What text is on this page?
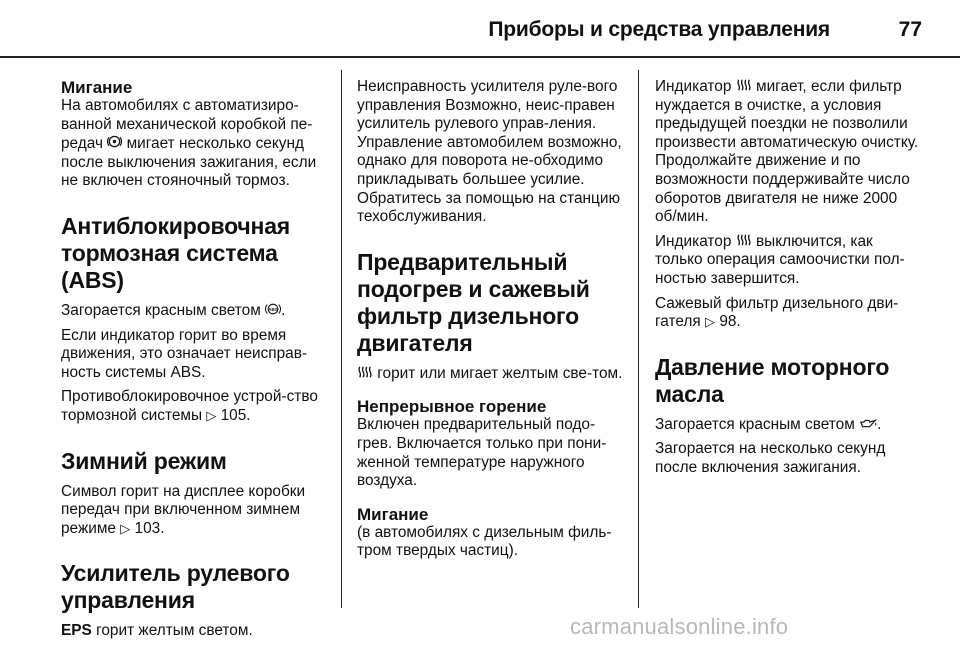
Приборы и средства управления	77
Мигание
На автомобилях с автоматизиро-ванной механической коробкой пе-редач мигает несколько секунд после выключения зажигания, если не включен стояночный тормоз.
Антиблокировочная тормозная система (ABS)
Загорается красным светом ABS .
Если индикатор горит во время движения, это означает неисправ-ность системы ABS.
Противоблокировочное устрой-ство тормозной системы ▷ 105.
Зимний режим
Символ горит на дисплее коробки передач при включенном зимнем режиме ▷ 103.
Усилитель рулевого управления
EPS горит желтым светом.
Неисправность усилителя руле-вого управления Возможно, неис-правен усилитель рулевого управ-ления. Управление автомобилем возможно, однако для поворота не-обходимо прикладывать большее усилие. Обратитесь за помощью на станцию техобслуживания.
Предварительный подогрев и сажевый фильтр дизельного двигателя
горит или мигает желтым све-том.
Непрерывное горение
Включен предварительный подо-грев. Включается только при пони-женной температуре наружного воздуха.
Мигание
(в автомобилях с дизельным филь-тром твердых частиц).
Индикатор мигает, если фильтр нуждается в очистке, а условия предыдущей поездки не позволили произвести автоматическую очистку. Продолжайте движение и по возможности поддерживайте число оборотов двигателя не ниже 2000 об/мин.
Индикатор выключится, как только операция самоочистки пол-ностью завершится.
Сажевый фильтр дизельного дви-гателя ▷ 98.
Давление моторного масла
Загорается красным светом .
Загорается на несколько секунд после включения зажигания.
carmanualsonline.info
